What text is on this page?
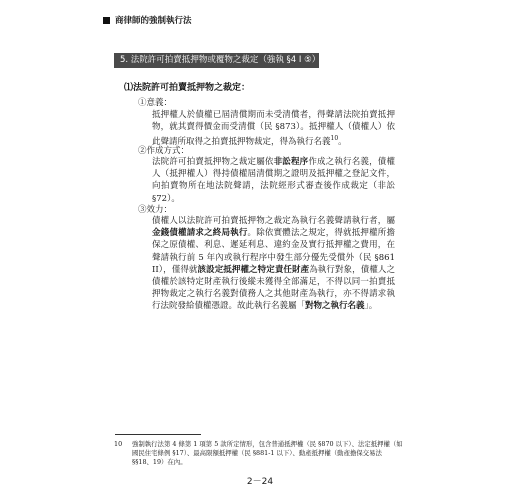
商律師的強制執行法
5. 法院許可拍賣抵押物或覆物之裁定（強執 §4 I ⑤）
⑴法院許可拍賣抵押物之裁定：
①意義：

抵押權人於債權已屆清償期而未受清償者，得聲請法院拍賣抵押物，就其賣得價金而受清償（民 §873）。抵押權人（債權人）依此聲請所取得之拍賣抵押物裁定，得為執行名義$^{10}$。

②作成方式：

法院許可拍賣抵押物之裁定屬依非訟程序作成之執行名義，債權人（抵押權人）得持債權屆清償期之證明及抵押權之登記文件，向拍賣物所在地法院聲請，法院經形式審查後作成裁定（非訟 §72）。

③效力：

債權人以法院許可拍賣抵押物之裁定為執行名義聲請執行者，屬金錢債權請求之終局執行。除依實體法之規定，得就抵押權所擔保之原債權、利息、遲延利息、違約金及實行抵押權之費用，在聲請執行前 5 年內或執行程序中發生部分優先受償外（民 §861 II），僅得就該設定抵押權之特定責任財產為執行對象，債權人之債權於該特定財產執行後縱未獲得全部滿足，不得以同一拍賣抵押物裁定之執行名義對債務人之其他財產為執行，亦不得請求執行法院發給債權憑證。故此執行名義屬「對物之執行名義」。

10	強制執行法第 4 條第 1 項第 5 款所定情形，包含普通抵押權（民 §870 以下）、法定抵押權（如國民住宅條例 §17）、最高限額抵押權（民 §881-1 以下）、動產抵押權（動產擔保交易法 §§18、19）在內。
2－24
